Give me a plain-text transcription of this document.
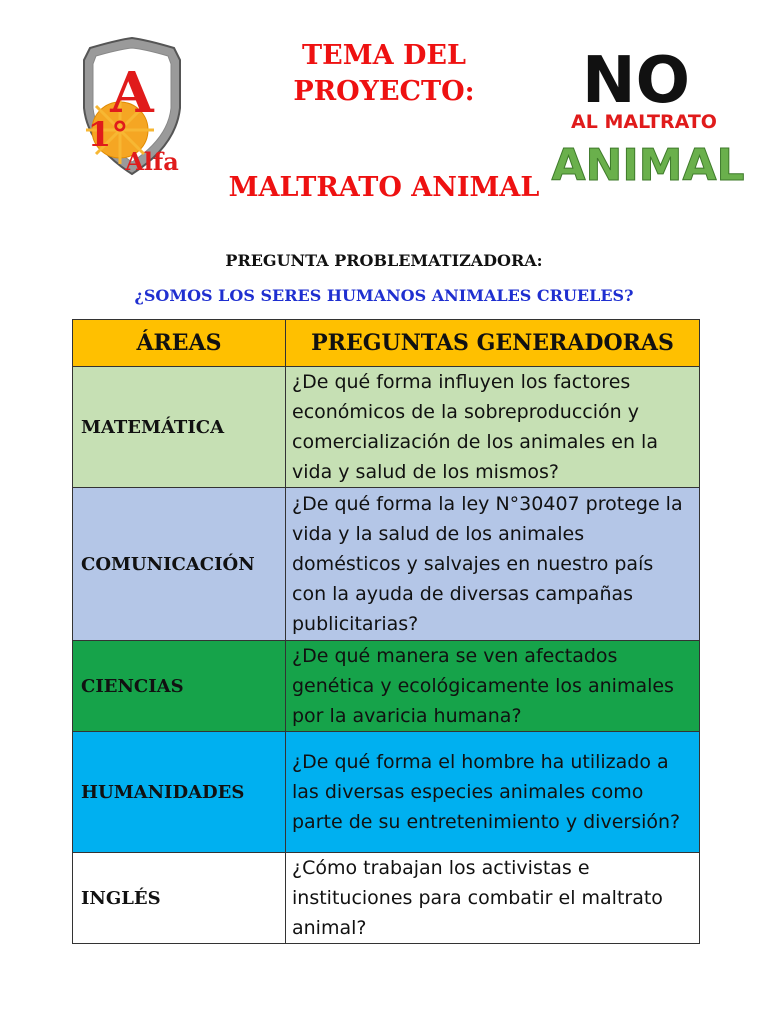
A
1°
Alfa
TEMA DEL
PROYECTO:
MALTRATO ANIMAL
NO
AL MALTRATO
ANIMAL
PREGUNTA PROBLEMATIZADORA:
¿SOMOS LOS SERES HUMANOS ANIMALES CRUELES?
ÁREAS	PREGUNTAS GENERADORAS
MATEMÁTICA	¿De qué forma influyen los factores económicos de la sobreproducción y comercialización de los animales en la vida y salud de los mismos?
COMUNICACIÓN	¿De qué forma la ley N°30407 protege la vida y la salud de los animales domésticos y salvajes en nuestro país con la ayuda de diversas campañas publicitarias?
CIENCIAS	¿De qué manera se ven afectados genética y ecológicamente los animales por la avaricia humana?
HUMANIDADES	¿De qué forma el hombre ha utilizado a las diversas especies animales como parte de su entretenimiento y diversión?
INGLÉS	¿Cómo trabajan los activistas e instituciones para combatir el maltrato animal?
